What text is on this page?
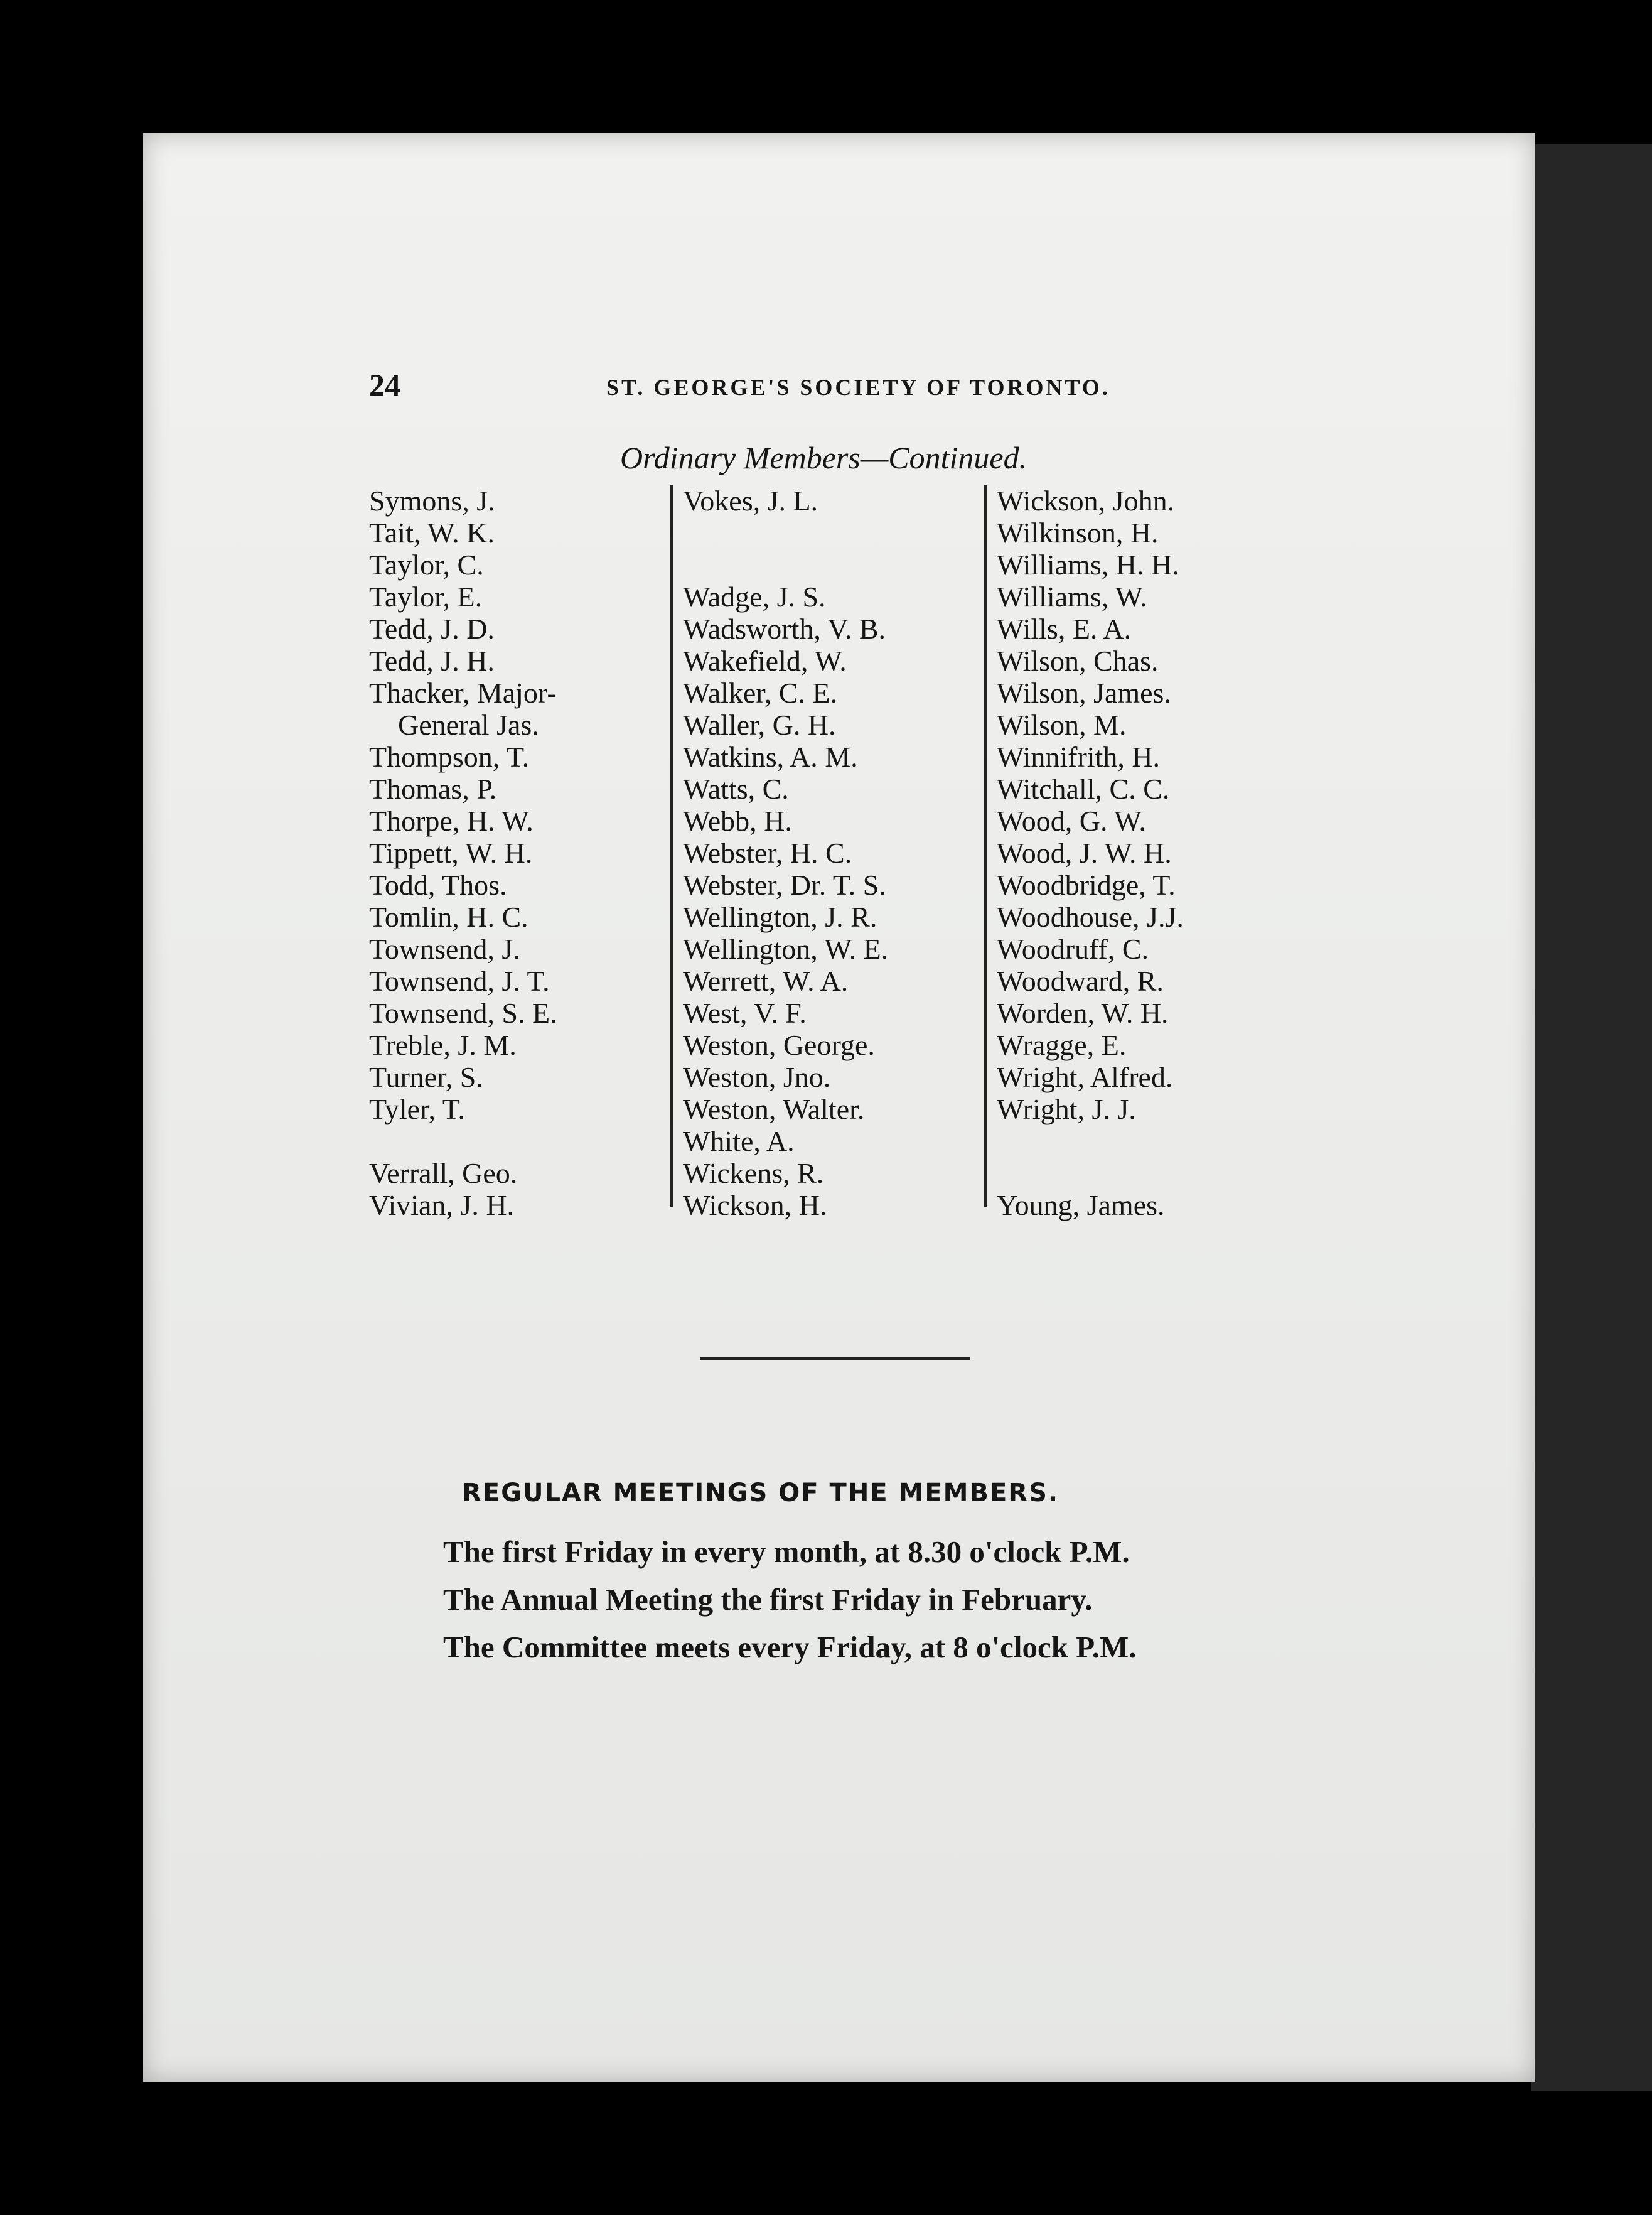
24	ST. GEORGE'S SOCIETY OF TORONTO.
Ordinary Members—Continued.
Symons, J.
Tait, W. K.
Taylor, C.
Taylor, E.
Tedd, J. D.
Tedd, J. H.
Thacker, Major-
General Jas.
Thompson, T.
Thomas, P.
Thorpe, H. W.
Tippett, W. H.
Todd, Thos.
Tomlin, H. C.
Townsend, J.
Townsend, J. T.
Townsend, S. E.
Treble, J. M.
Turner, S.
Tyler, T.
Verrall, Geo.
Vivian, J. H.
Vokes, J. L.
Wadge, J. S.
Wadsworth, V. B.
Wakefield, W.
Walker, C. E.
Waller, G. H.
Watkins, A. M.
Watts, C.
Webb, H.
Webster, H. C.
Webster, Dr. T. S.
Wellington, J. R.
Wellington, W. E.
Werrett, W. A.
West, V. F.
Weston, George.
Weston, Jno.
Weston, Walter.
White, A.
Wickens, R.
Wickson, H.
Wickson, John.
Wilkinson, H.
Williams, H. H.
Williams, W.
Wills, E. A.
Wilson, Chas.
Wilson, James.
Wilson, M.
Winnifrith, H.
Witchall, C. C.
Wood, G. W.
Wood, J. W. H.
Woodbridge, T.
Woodhouse, J.J.
Woodruff, C.
Woodward, R.
Worden, W. H.
Wragge, E.
Wright, Alfred.
Wright, J. J.
Young, James.
REGULAR MEETINGS OF THE MEMBERS.
The first Friday in every month, at 8.30 o'clock P.M.
The Annual Meeting the first Friday in February.
The Committee meets every Friday, at 8 o'clock P.M.
